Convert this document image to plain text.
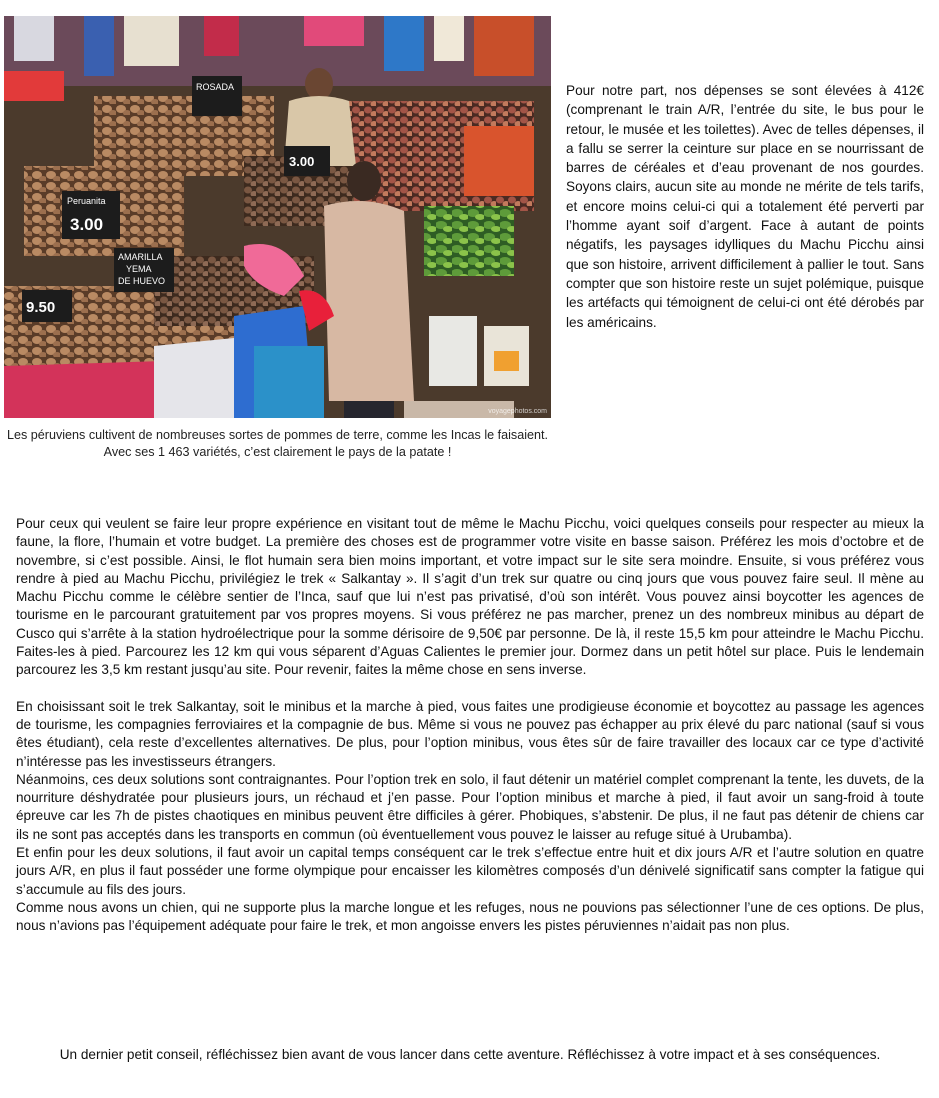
Peruanita
3.00
AMARILLA
YEMA
DE HUEVO
ROSADA
9.50
3.00
voyagephotos.com
Les péruviens cultivent de nombreuses sortes de pommes de terre, comme les Incas le faisaient. Avec ses 1 463 variétés, c’est clairement le pays de la patate !
Pour notre part, nos dépenses se sont élevées à 412€ (comprenant le train A/R, l’entrée du site, le bus pour le retour, le musée et les toilettes). Avec de telles dépenses, il a fallu se serrer la ceinture sur place en se nourrissant de barres de céréales et d’eau provenant de nos gourdes. Soyons clairs, aucun site au monde ne mérite de tels tarifs, et encore moins celui-ci qui a totalement été perverti par l’homme ayant soif d’argent. Face à autant de points négatifs, les paysages idylliques du Machu Picchu ainsi que son histoire, arrivent difficilement à pallier le tout. Sans compter que son histoire reste un sujet polémique, puisque les artéfacts qui témoignent de celui-ci ont été dérobés par les américains.

Pour ceux qui veulent se faire leur propre expérience en visitant tout de même le Machu Picchu, voici quelques conseils pour respecter au mieux la faune, la flore, l’humain et votre budget. La première des choses est de programmer votre visite en basse saison. Préférez les mois d’octobre et de novembre, si c’est possible. Ainsi, le flot humain sera bien moins important, et votre impact sur le site sera moindre. Ensuite, si vous préférez vous rendre à pied au Machu Picchu, privilégiez le trek « Salkantay ». Il s’agit d’un trek sur quatre ou cinq jours que vous pouvez faire seul. Il mène au Machu Picchu comme le célèbre sentier de l’Inca, sauf que lui n’est pas privatisé, d’où son intérêt. Vous pouvez ainsi boycotter les agences de tourisme en le parcourant gratuitement par vos propres moyens. Si vous préférez ne pas marcher, prenez un des nombreux minibus au départ de Cusco qui s’arrête à la station hydroélectrique pour la somme dérisoire de 9,50€ par personne. De là, il reste 15,5 km pour atteindre le Machu Picchu. Faites-les à pied. Parcourez les 12 km qui vous séparent d’Aguas Calientes le premier jour. Dormez dans un petit hôtel sur place. Puis le lendemain parcourez les 3,5 km restant jusqu’au site. Pour revenir, faites la même chose en sens inverse.

En choisissant soit le trek Salkantay, soit le minibus et la marche à pied, vous faites une prodigieuse économie et boycottez au passage les agences de tourisme, les compagnies ferroviaires et la compagnie de bus. Même si vous ne pouvez pas échapper au prix élevé du parc national (sauf si vous êtes étudiant), cela reste d’excellentes alternatives. De plus, pour l’option minibus, vous êtes sûr de faire travailler des locaux car ce type d’activité n’intéresse pas les investisseurs étrangers.

Néanmoins, ces deux solutions sont contraignantes. Pour l’option trek en solo, il faut détenir un matériel complet comprenant la tente, les duvets, de la nourriture déshydratée pour plusieurs jours, un réchaud et j’en passe. Pour l’option minibus et marche à pied, il faut avoir un sang-froid à toute épreuve car les 7h de pistes chaotiques en minibus peuvent être difficiles à gérer. Phobiques, s’abstenir. De plus, il ne faut pas détenir de chiens car ils ne sont pas acceptés dans les transports en commun (où éventuellement vous pouvez le laisser au refuge situé à Urubamba).

Et enfin pour les deux solutions, il faut avoir un capital temps conséquent car le trek s’effectue entre huit et dix jours A/R et l’autre solution en quatre jours A/R, en plus il faut posséder une forme olympique pour encaisser les kilomètres composés d’un dénivelé significatif sans compter la fatigue qui s’accumule au fils des jours.

Comme nous avons un chien, qui ne supporte plus la marche longue et les refuges, nous ne pouvions pas sélectionner l’une de ces options. De plus, nous n’avions pas l’équipement adéquate pour faire le trek, et mon angoisse envers les pistes péruviennes n’aidait pas non plus.

Un dernier petit conseil, réfléchissez bien avant de vous lancer dans cette aventure. Réfléchissez à votre impact et à ses conséquences.
